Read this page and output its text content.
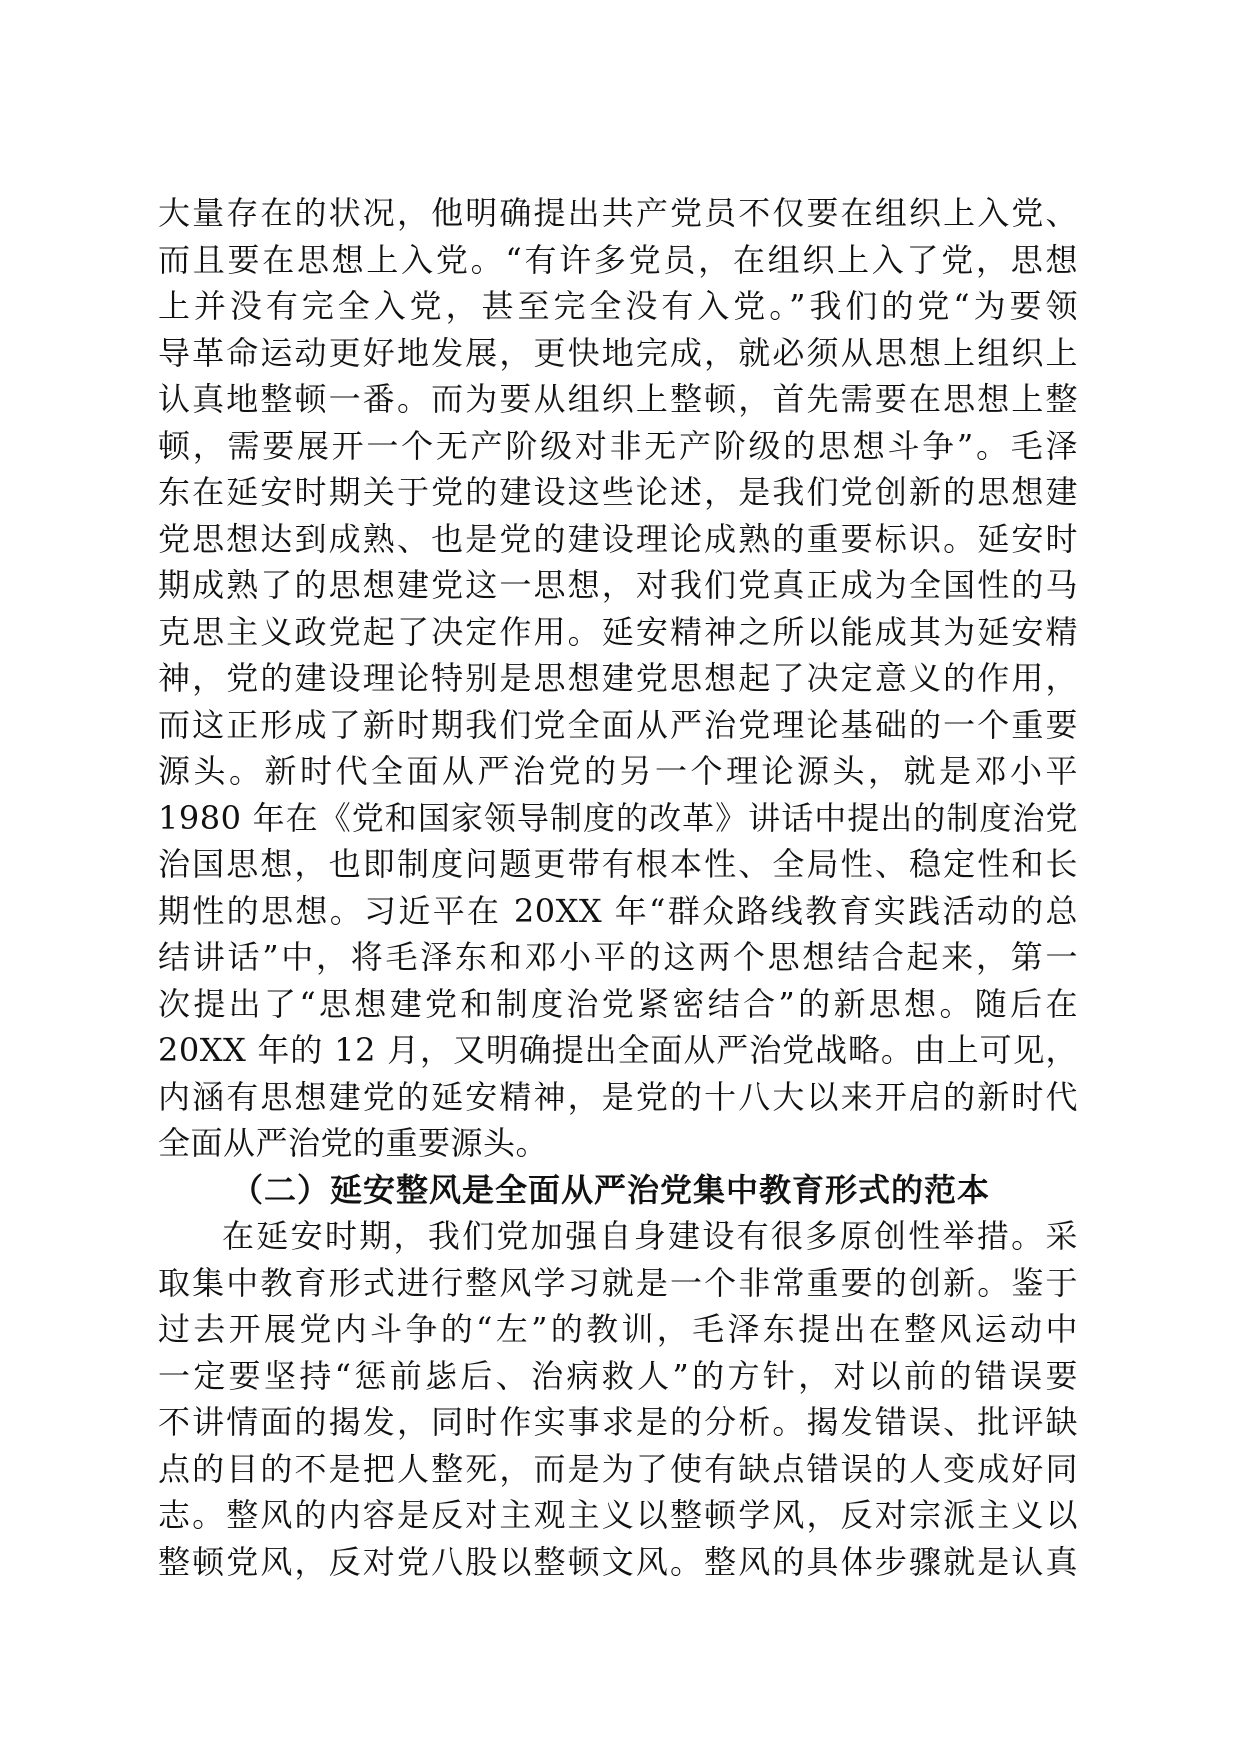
大量存在的状况，他明确提出共产党员不仅要在组织上入党、
而且要在思想上入党。“有许多党员，在组织上入了党，思想
上并没有完全入党，甚至完全没有入党。”我们的党“为要领
导革命运动更好地发展，更快地完成，就必须从思想上组织上
认真地整顿一番。而为要从组织上整顿，首先需要在思想上整
顿，需要展开一个无产阶级对非无产阶级的思想斗争”。毛泽
东在延安时期关于党的建设这些论述，是我们党创新的思想建
党思想达到成熟、也是党的建设理论成熟的重要标识。延安时
期成熟了的思想建党这一思想，对我们党真正成为全国性的马
克思主义政党起了决定作用。延安精神之所以能成其为延安精
神，党的建设理论特别是思想建党思想起了决定意义的作用，
而这正形成了新时期我们党全面从严治党理论基础的一个重要
源头。新时代全面从严治党的另一个理论源头，就是邓小平
1980 年在《党和国家领导制度的改革》讲话中提出的制度治党
治国思想，也即制度问题更带有根本性、全局性、稳定性和长
期性的思想。习近平在 20XX 年“群众路线教育实践活动的总
结讲话”中，将毛泽东和邓小平的这两个思想结合起来，第一
次提出了“思想建党和制度治党紧密结合”的新思想。随后在
20XX 年的 12 月，又明确提出全面从严治党战略。由上可见，
内涵有思想建党的延安精神，是党的十八大以来开启的新时代
全面从严治党的重要源头。
（二）延安整风是全面从严治党集中教育形式的范本
在延安时期，我们党加强自身建设有很多原创性举措。采
取集中教育形式进行整风学习就是一个非常重要的创新。鉴于
过去开展党内斗争的“左”的教训，毛泽东提出在整风运动中
一定要坚持“惩前毖后、治病救人”的方针，对以前的错误要
不讲情面的揭发，同时作实事求是的分析。揭发错误、批评缺
点的目的不是把人整死，而是为了使有缺点错误的人变成好同
志。整风的内容是反对主观主义以整顿学风，反对宗派主义以
整顿党风，反对党八股以整顿文风。整风的具体步骤就是认真
